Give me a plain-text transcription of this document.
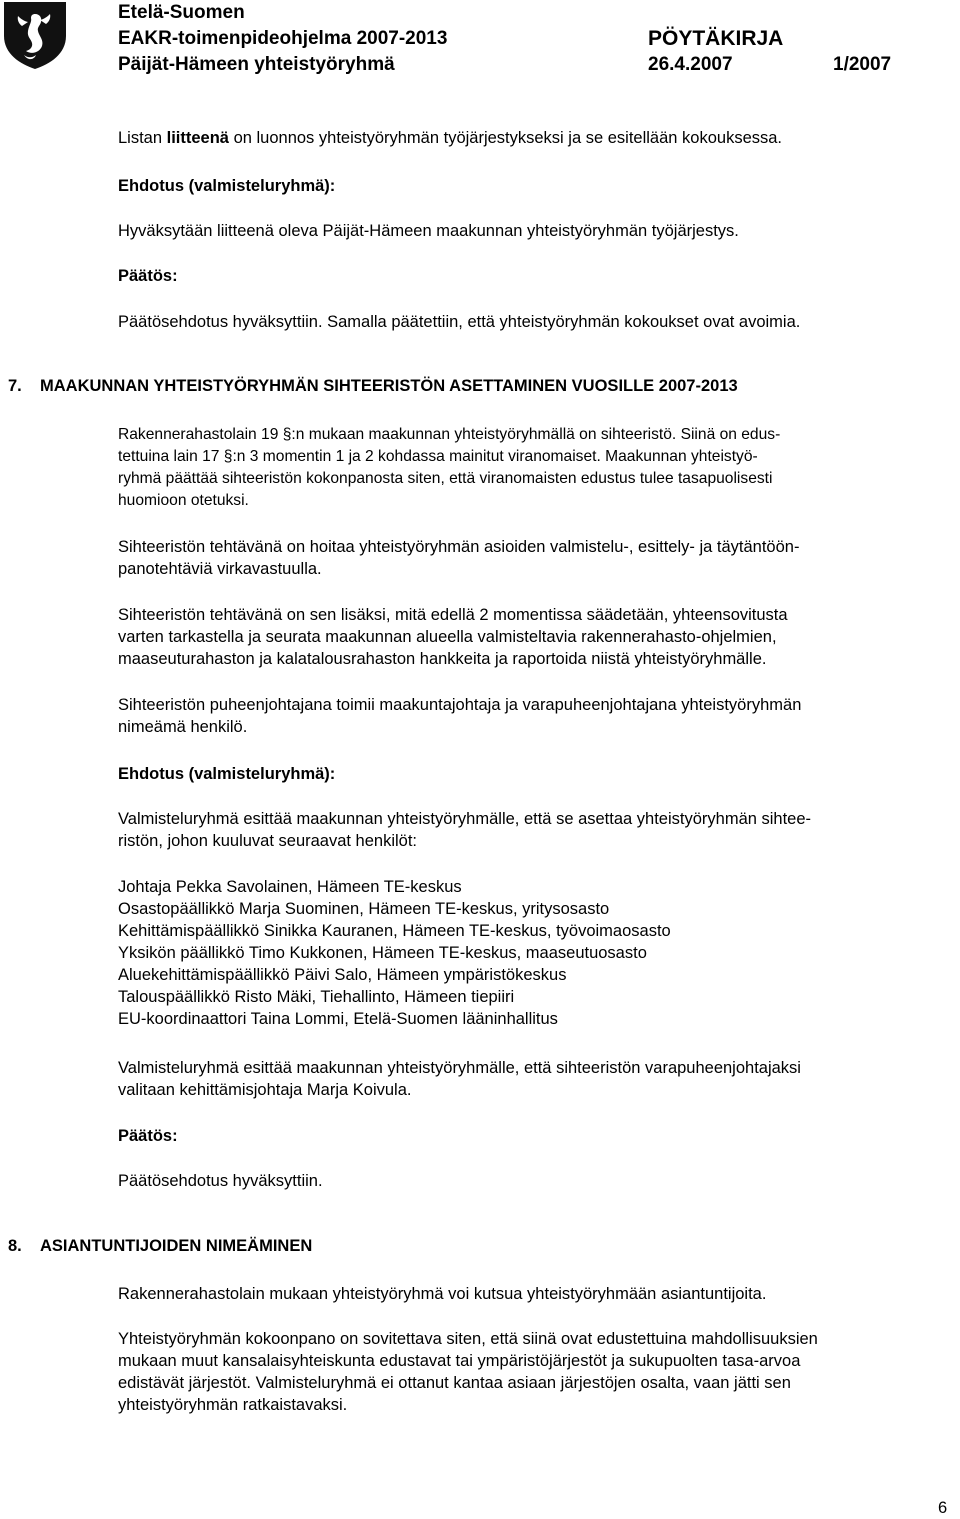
Etelä-Suomen
EAKR-toimenpideohjelma 2007-2013
Päijät-Hämeen yhteistyöryhmä
PÖYTÄKIRJA
26.4.2007	1/2007
Listan liitteenä on luonnos yhteistyöryhmän työjärjestykseksi ja se esitellään kokouksessa.
Ehdotus (valmisteluryhmä):
Hyväksytään liitteenä oleva Päijät-Hämeen maakunnan yhteistyöryhmän työjärjestys.
Päätös:
Päätösehdotus hyväksyttiin. Samalla päätettiin, että yhteistyöryhmän kokoukset ovat avoimia.
7. MAAKUNNAN YHTEISTYÖRYHMÄN SIHTEERISTÖN ASETTAMINEN VUOSILLE 2007-2013
Rakennerahastolain 19 §:n mukaan maakunnan yhteistyöryhmällä on sihteeristö. Siinä on edus-
tettuina lain 17 §:n 3 momentin 1 ja 2 kohdassa mainitut viranomaiset. Maakunnan yhteistyö-
ryhmä päättää sihteeristön kokonpanosta siten, että viranomaisten edustus tulee tasapuolisesti
huomioon otetuksi.
Sihteeristön tehtävänä on hoitaa yhteistyöryhmän asioiden valmistelu-, esittely- ja täytäntöön-
panotehtäviä virkavastuulla.
Sihteeristön tehtävänä on sen lisäksi, mitä edellä 2 momentissa säädetään, yhteensovitusta
varten tarkastella ja seurata maakunnan alueella valmisteltavia rakennerahasto-ohjelmien,
maaseuturahaston ja kalatalousrahaston hankkeita ja raportoida niistä yhteistyöryhmälle.
Sihteeristön puheenjohtajana toimii maakuntajohtaja ja varapuheenjohtajana yhteistyöryhmän
nimeämä henkilö.
Ehdotus (valmisteluryhmä):
Valmisteluryhmä esittää maakunnan yhteistyöryhmälle, että se asettaa yhteistyöryhmän sihtee-
ristön, johon kuuluvat seuraavat henkilöt:
Johtaja Pekka Savolainen, Hämeen TE-keskus
Osastopäällikkö Marja Suominen, Hämeen TE-keskus, yritysosasto
Kehittämispäällikkö Sinikka Kauranen, Hämeen TE-keskus, työvoimaosasto
Yksikön päällikkö Timo Kukkonen, Hämeen TE-keskus, maaseutuosasto
Aluekehittämispäällikkö Päivi Salo, Hämeen ympäristökeskus
Talouspäällikkö Risto Mäki, Tiehallinto, Hämeen tiepiiri
EU-koordinaattori Taina Lommi, Etelä-Suomen lääninhallitus
Valmisteluryhmä esittää maakunnan yhteistyöryhmälle, että sihteeristön varapuheenjohtajaksi
valitaan kehittämisjohtaja Marja Koivula.
Päätös:
Päätösehdotus hyväksyttiin.
8. ASIANTUNTIJOIDEN NIMEÄMINEN
Rakennerahastolain mukaan yhteistyöryhmä voi kutsua yhteistyöryhmään asiantuntijoita.
Yhteistyöryhmän kokoonpano on sovitettava siten, että siinä ovat edustettuina mahdollisuuksien
mukaan muut kansalaisyhteiskunta edustavat tai ympäristöjärjestöt ja sukupuolten tasa-arvoa
edistävät järjestöt. Valmisteluryhmä ei ottanut kantaa asiaan järjestöjen osalta, vaan jätti sen
yhteistyöryhmän ratkaistavaksi.
6
